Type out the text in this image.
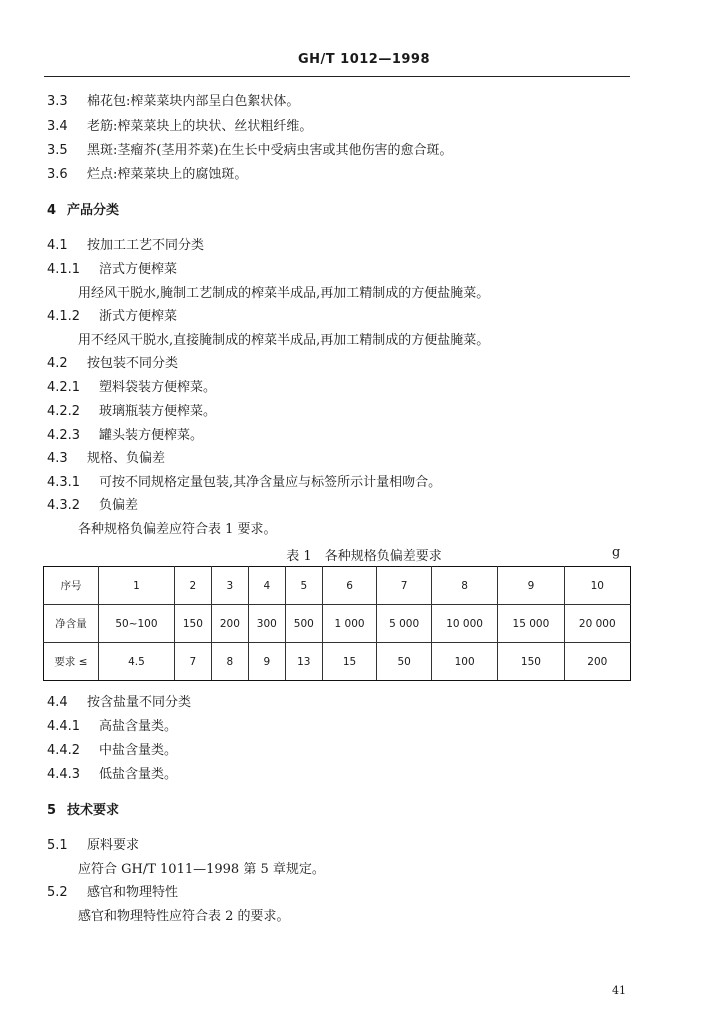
GH/T 1012—1998
3.3 棉花包:榨菜菜块内部呈白色絮状体。
3.4 老筋:榨菜菜块上的块状、丝状粗纤维。
3.5 黑斑:茎瘤芥(茎用芥菜)在生长中受病虫害或其他伤害的愈合斑。
3.6 烂点:榨菜菜块上的腐蚀斑。
4 产品分类
4.1 按加工工艺不同分类
4.1.1 涪式方便榨菜
用经风干脱水,腌制工艺制成的榨菜半成品,再加工精制成的方便盐腌菜。
4.1.2 浙式方便榨菜
用不经风干脱水,直接腌制成的榨菜半成品,再加工精制成的方便盐腌菜。
4.2 按包装不同分类
4.2.1 塑料袋装方便榨菜。
4.2.2 玻璃瓶装方便榨菜。
4.2.3 罐头装方便榨菜。
4.3 规格、负偏差
4.3.1 可按不同规格定量包装,其净含量应与标签所示计量相吻合。
4.3.2 负偏差
各种规格负偏差应符合表 1 要求。
表 1　各种规格负偏差要求	g
序号	1	2	3	4	5	6	7	8	9	10
净含量	50~100	150	200	300	500	1 000	5 000	10 000	15 000	20 000
要求 ≤	4.5	7	8	9	13	15	50	100	150	200
4.4 按含盐量不同分类
4.4.1 高盐含量类。
4.4.2 中盐含量类。
4.4.3 低盐含量类。
5 技术要求
5.1 原料要求
应符合 GH/T 1011—1998 第 5 章规定。
5.2 感官和物理特性
感官和物理特性应符合表 2 的要求。
41
